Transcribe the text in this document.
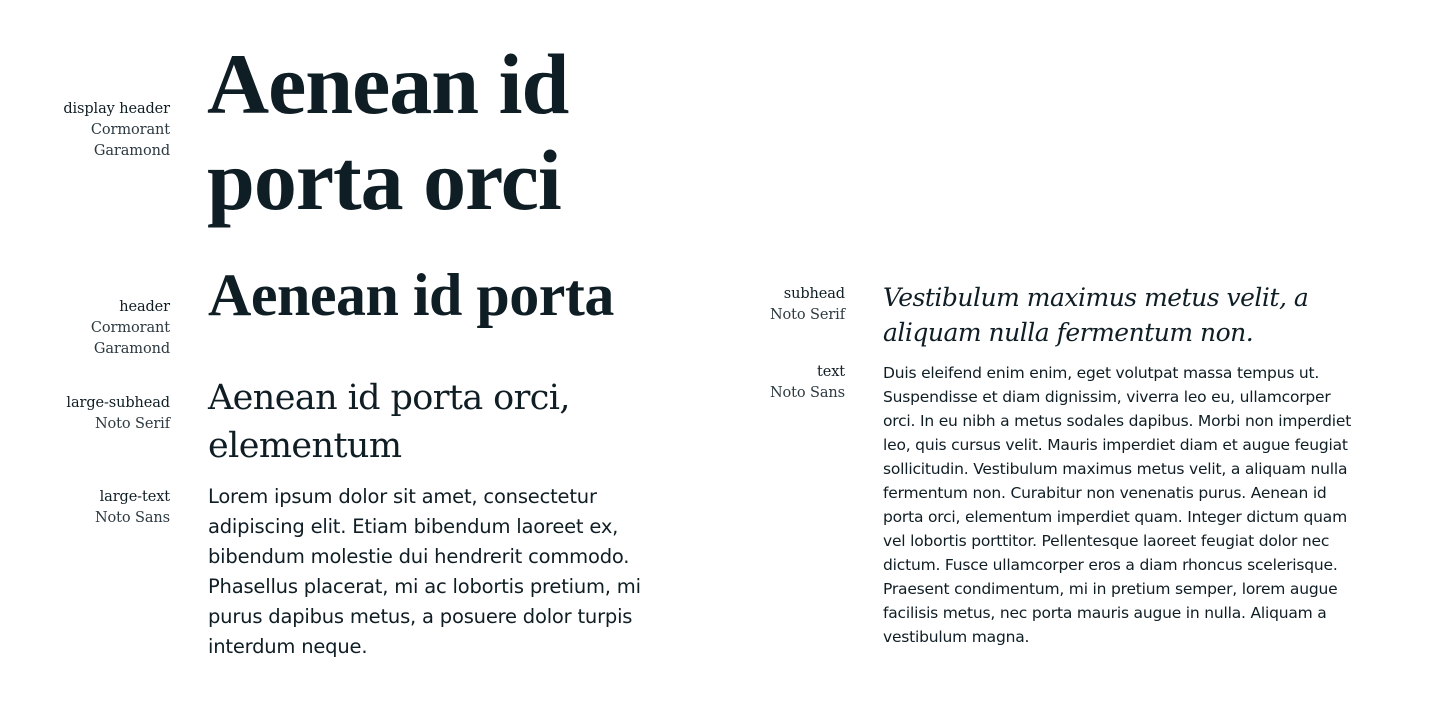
display header
Cormorant Garamond

Aenean id porta orci

header
Cormorant Garamond

Aenean id porta

large-subhead
Noto Serif

Aenean id porta orci, elementum

large-text
Noto Sans

Lorem ipsum dolor sit amet, consectetur adipiscing elit. Etiam bibendum laoreet ex, bibendum molestie dui hendrerit commodo. Phasellus placerat, mi ac lobortis pretium, mi purus dapibus metus, a posuere dolor turpis interdum neque.

subhead
Noto Serif

Vestibulum maximus metus velit, a aliquam nulla fermentum non.

text
Noto Sans

Duis eleifend enim enim, eget volutpat massa tempus ut. Suspendisse et diam dignissim, viverra leo eu, ullamcorper orci. In eu nibh a metus sodales dapibus. Morbi non imperdiet leo, quis cursus velit. Mauris imperdiet diam et augue feugiat sollicitudin. Vestibulum maximus metus velit, a aliquam nulla fermentum non. Curabitur non venenatis purus. Aenean id porta orci, elementum imperdiet quam. Integer dictum quam vel lobortis porttitor. Pellentesque laoreet feugiat dolor nec dictum. Fusce ullamcorper eros a diam rhoncus scelerisque. Praesent condimentum, mi in pretium semper, lorem augue facilisis metus, nec porta mauris augue in nulla. Aliquam a vestibulum magna.
